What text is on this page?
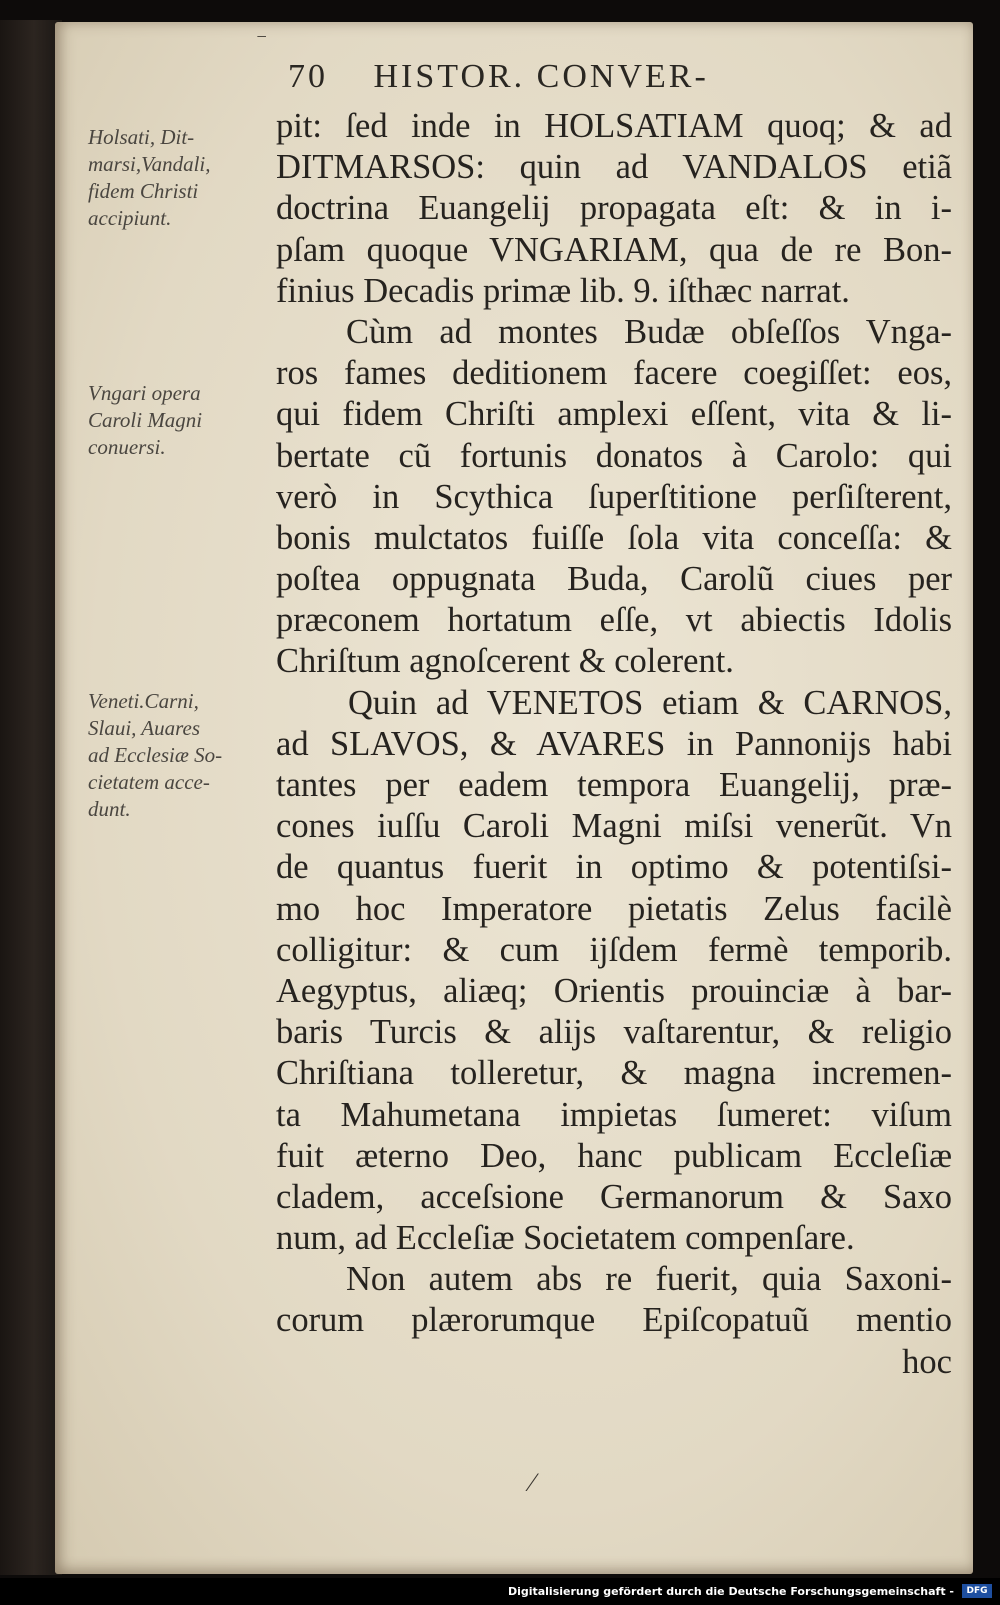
70 HISTOR. CONVER-
Holsati, Dit-
marsi,Vandali,
fidem Christi
accipiunt.
Vngari opera
Caroli Magni
conuersi.
Veneti.Carni,
Slaui, Auares
ad Ecclesiæ So-
cietatem acce-
dunt.
pit: ſed inde in HOLSATIAM quoq; & ad
DITMARSOS: quin ad VANDALOS etiã
doctrina Euangelij propagata eſt: & in i-
pſam quoque VNGARIAM, qua de re Bon-
finius Decadis primæ lib. 9. iſthæc narrat.
Cùm ad montes Budæ obſeſſos Vnga-
ros fames deditionem facere coegiſſet: eos,
qui fidem Chriſti amplexi eſſent, vita & li-
bertate cũ fortunis donatos à Carolo: qui
verò in Scythica ſuperſtitione perſiſterent,
bonis mulctatos fuiſſe ſola vita conceſſa: &
poſtea oppugnata Buda, Carolũ ciues per
præconem hortatum eſſe, vt abiectis Idolis
Chriſtum agnoſcerent & colerent.
Quin ad VENETOS etiam & CARNOS,
ad SLAVOS, & AVARES in Pannonijs habi
tantes per eadem tempora Euangelij, præ-
cones iuſſu Caroli Magni miſsi venerũt. Vn
de quantus fuerit in optimo & potentiſsi-
mo hoc Imperatore pietatis Zelus facilè
colligitur: & cum ijſdem fermè temporib.
Aegyptus, aliæq; Orientis prouinciæ à bar-
baris Turcis & alijs vaſtarentur, & religio
Chriſtiana tolleretur, & magna incremen-
ta Mahumetana impietas ſumeret: viſum
fuit æterno Deo, hanc publicam Eccleſiæ
cladem, acceſsione Germanorum & Saxo
num, ad Eccleſiæ Societatem compenſare.
Non autem abs re fuerit, quia Saxoni-
corum plærorumque Epiſcopatuũ mentio
hoc
‾
⁄
Digitalisierung gefördert durch die Deutsche Forschungsgemeinschaft -	DFG
